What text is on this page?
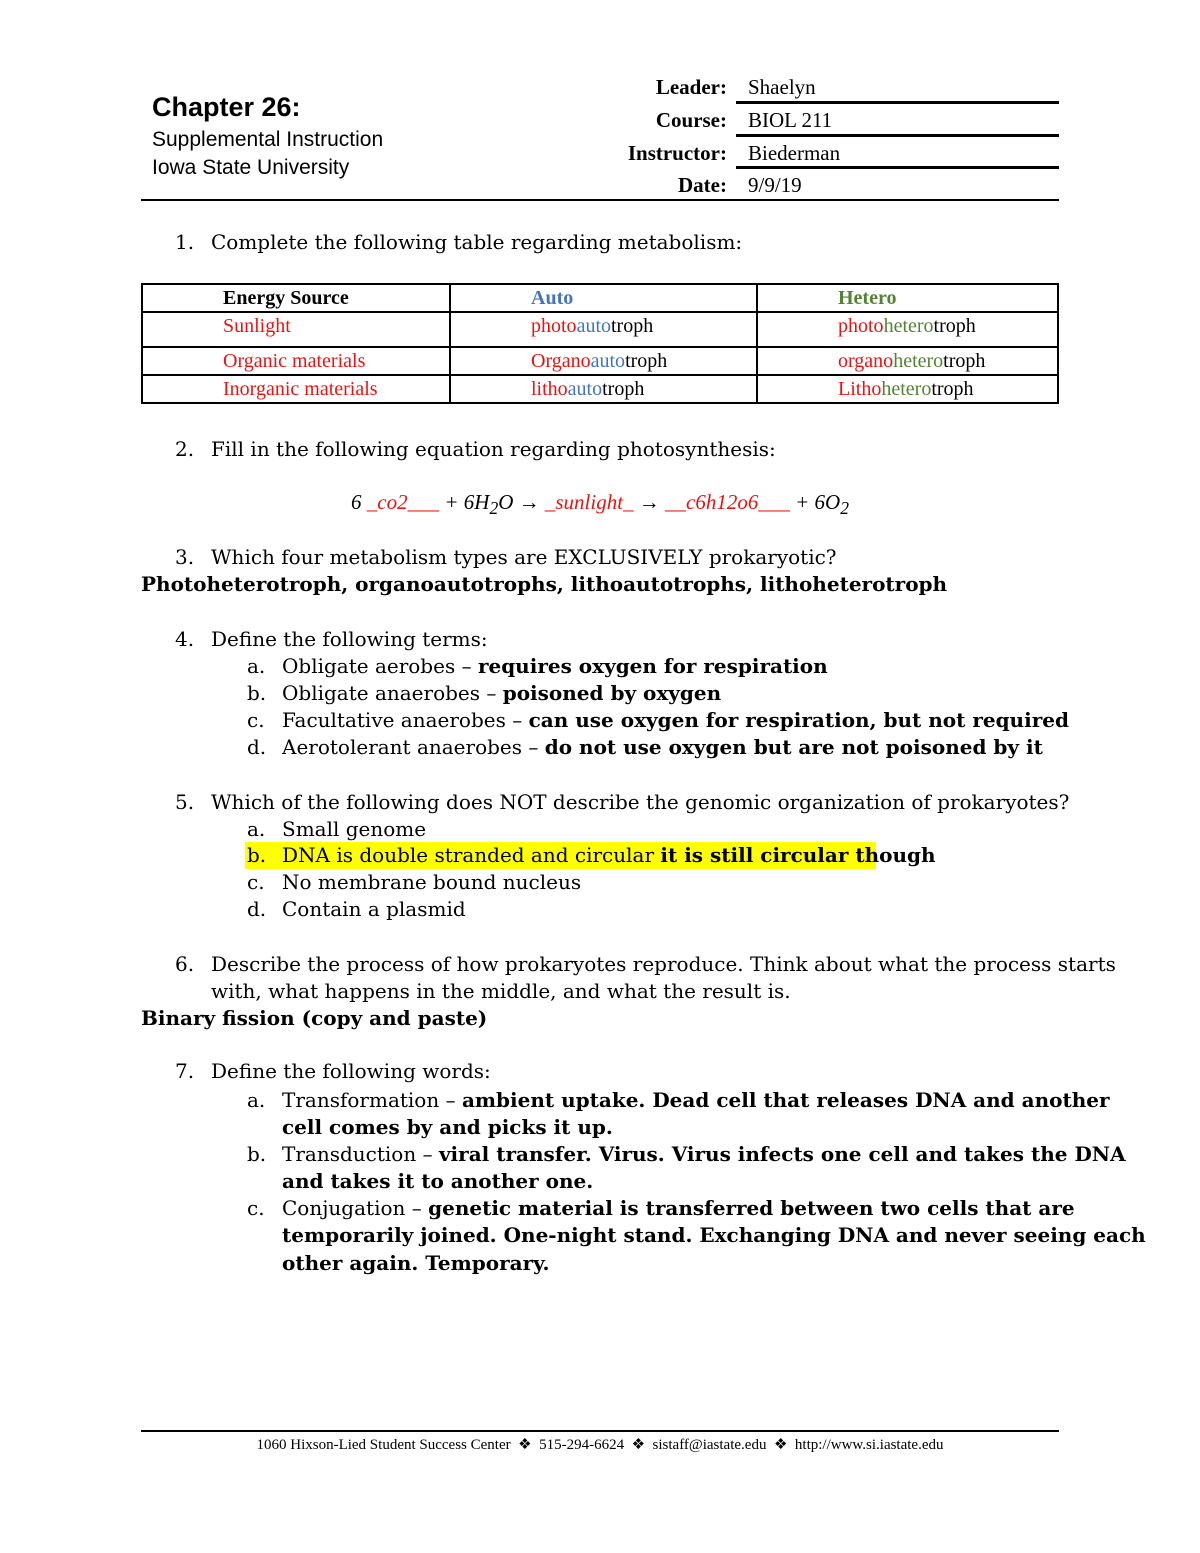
Chapter 26:
Supplemental Instruction
Iowa State University
Leader: Shaelyn
Course: BIOL 211
Instructor: Biederman
Date: 9/9/19
1. Complete the following table regarding metabolism:
Energy Source	Auto	Hetero
Sunlight	photoautotroph	photoheterotroph
Organic materials	Organoautotroph	organoheterotroph
Inorganic materials	lithoautotroph	Lithoheterotroph
2. Fill in the following equation regarding photosynthesis:
6 _co2___ + $6H_2O$ → _sunlight_ → __c6h12o6___ + $6O_2$
3. Which four metabolism types are EXCLUSIVELY prokaryotic?
Photoheterotroph, organoautotrophs, lithoautotrophs, lithoheterotroph
4. Define the following terms:
a. Obligate aerobes – requires oxygen for respiration
b. Obligate anaerobes – poisoned by oxygen
c. Facultative anaerobes – can use oxygen for respiration, but not required
d. Aerotolerant anaerobes – do not use oxygen but are not poisoned by it
5. Which of the following does NOT describe the genomic organization of prokaryotes?
a. Small genome
b. DNA is double stranded and circular it is still circular though
c. No membrane bound nucleus
d. Contain a plasmid
6. Describe the process of how prokaryotes reproduce. Think about what the process starts
with, what happens in the middle, and what the result is.
Binary fission (copy and paste)
7. Define the following words:
a. Transformation – ambient uptake. Dead cell that releases DNA and another
cell comes by and picks it up.
b. Transduction – viral transfer. Virus. Virus infects one cell and takes the DNA
and takes it to another one.
c. Conjugation – genetic material is transferred between two cells that are
temporarily joined. One-night stand. Exchanging DNA and never seeing each
other again. Temporary.
1060 Hixson-Lied Student Success Center ❖ 515-294-6624 ❖ sistaff@iastate.edu ❖ http://www.si.iastate.edu
